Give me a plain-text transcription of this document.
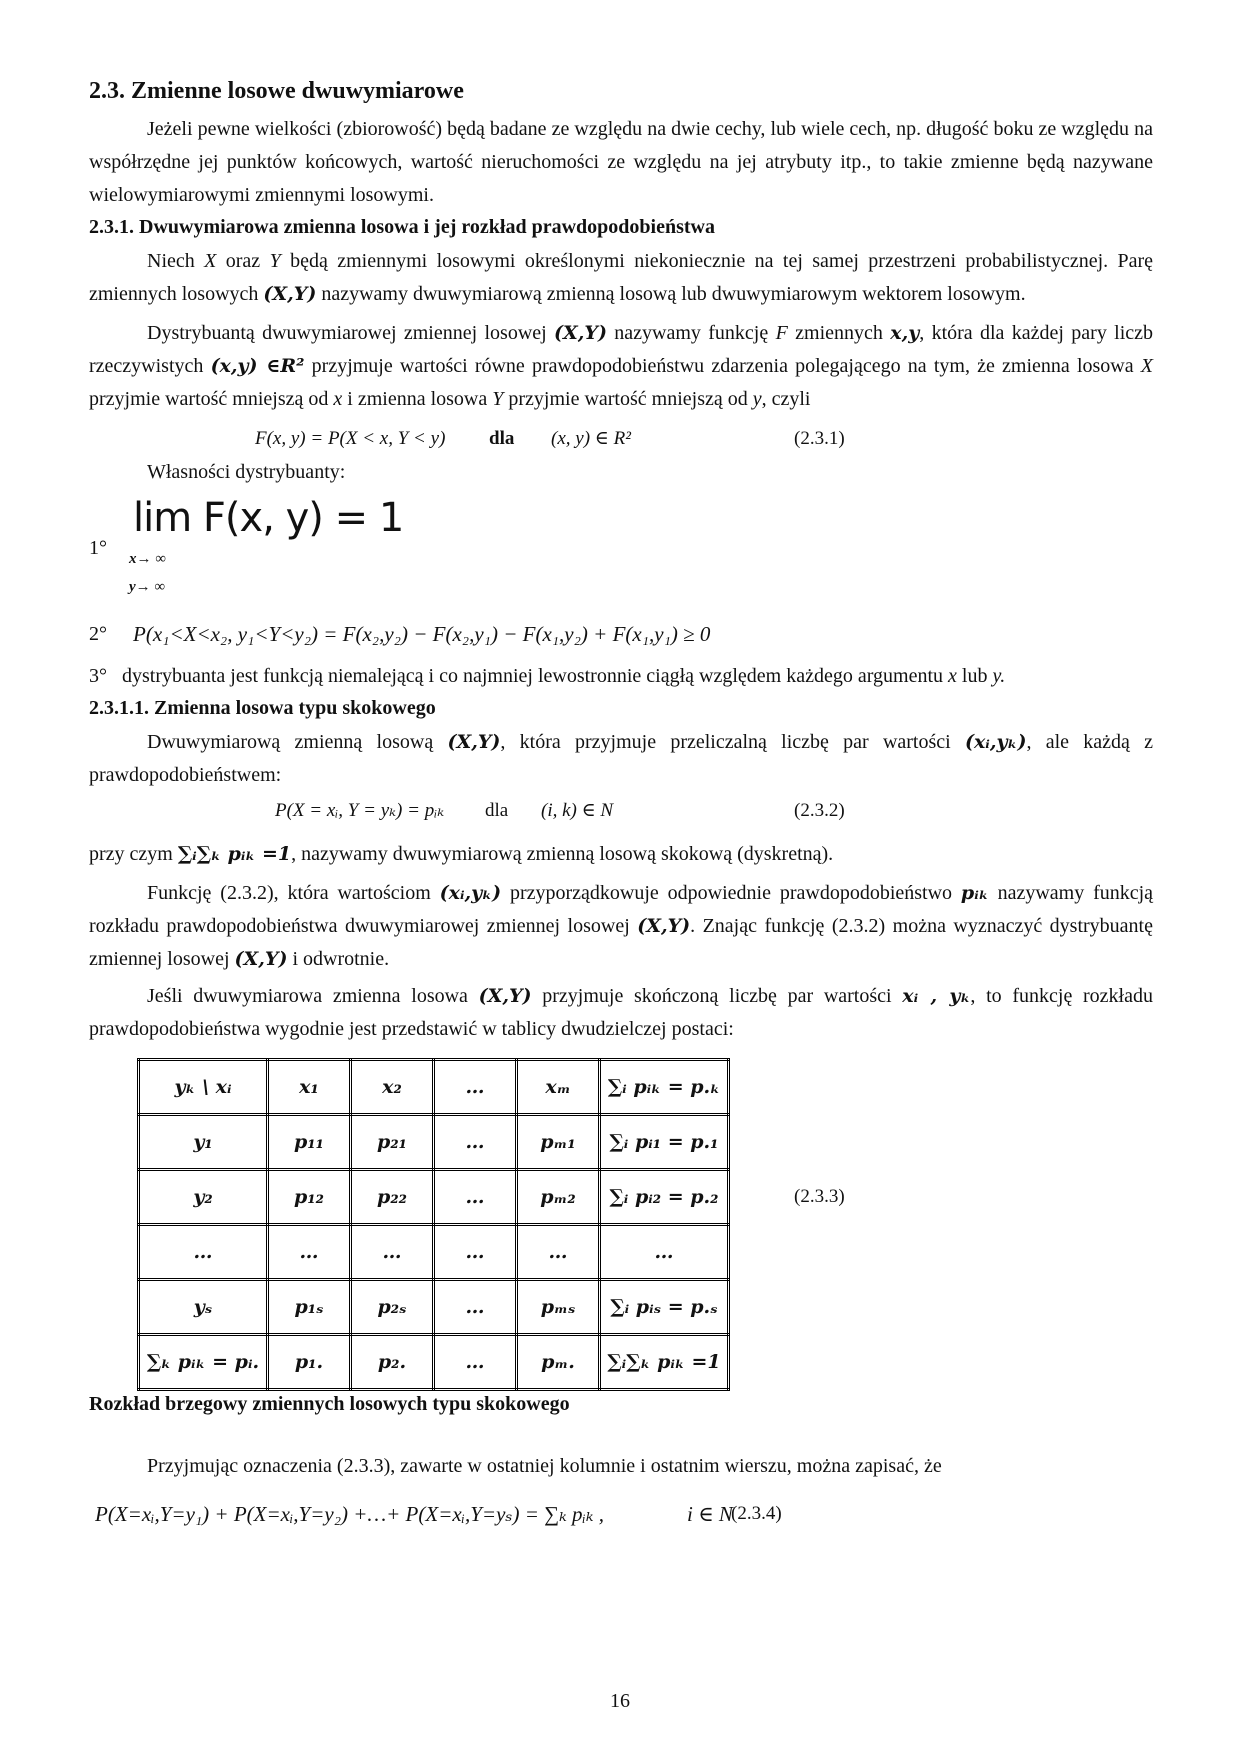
2.3. Zmienne losowe dwuwymiarowe

Jeżeli pewne wielkości (zbiorowość) będą badane ze względu na dwie cechy, lub wiele cech, np. długość boku ze względu na współrzędne jej punktów końcowych, wartość nieruchomości ze względu na jej atrybuty itp., to takie zmienne będą nazywane wielowymiarowymi zmiennymi losowymi.

2.3.1. Dwuwymiarowa zmienna losowa i jej rozkład prawdopodobieństwa

Niech X oraz Y będą zmiennymi losowymi określonymi niekoniecznie na tej samej przestrzeni probabilistycznej. Parę zmiennych losowych (X,Y) nazywamy dwuwymiarową zmienną losową lub dwuwymiarowym wektorem losowym.

Dystrybuantą dwuwymiarowej zmiennej losowej (X,Y) nazywamy funkcję F zmiennych x,y, która dla każdej pary liczb rzeczywistych (x,y) ∈R² przyjmuje wartości równe prawdopodobieństwu zdarzenia polegającego na tym, że zmienna losowa X przyjmie wartość mniejszą od x i zmienna losowa Y przyjmie wartość mniejszą od y, czyli

F(x, y) = P(X < x, Y < y) dla (x, y) ∈ R²	(2.3.1)

Własności dystrybuanty:

1°
lim F(x, y) = 1
x→ ∞
y→ ∞
2° P(x₁<X<x₂, y₁<Y<y₂) = F(x₂,y₂) − F(x₂,y₁) − F(x₁,y₂) + F(x₁,y₁) ≥ 0
3° dystrybuanta jest funkcją niemalejącą i co najmniej lewostronnie ciągłą względem każdego argumentu x lub y.
2.3.1.1. Zmienna losowa typu skokowego

Dwuwymiarową zmienną losową (X,Y), która przyjmuje przeliczalną liczbę par wartości (xᵢ,yₖ), ale każdą z prawdopodobieństwem:

P(X = xᵢ, Y = yₖ) = pᵢₖ dla (i, k) ∈ N	(2.3.2)

przy czym ∑ᵢ∑ₖ pᵢₖ =1, nazywamy dwuwymiarową zmienną losową skokową (dyskretną).

Funkcję (2.3.2), która wartościom (xᵢ,yₖ) przyporządkowuje odpowiednie prawdopodobieństwo pᵢₖ nazywamy funkcją rozkładu prawdopodobieństwa dwuwymiarowej zmiennej losowej (X,Y). Znając funkcję (2.3.2) można wyznaczyć dystrybuantę zmiennej losowej (X,Y) i odwrotnie.

Jeśli dwuwymiarowa zmienna losowa (X,Y) przyjmuje skończoną liczbę par wartości xᵢ , yₖ, to funkcję rozkładu prawdopodobieństwa wygodnie jest przedstawić w tablicy dwudzielczej postaci:

yₖ \ xᵢ	x₁	x₂	…	xₘ	∑ᵢ pᵢₖ = p.ₖ
y₁	p₁₁	p₂₁	…	pₘ₁	∑ᵢ pᵢ₁ = p.₁
y₂	p₁₂	p₂₂	…	pₘ₂	∑ᵢ pᵢ₂ = p.₂
…	…	…	…	…	…
yₛ	p₁ₛ	p₂ₛ	…	pₘₛ	∑ᵢ pᵢₛ = p.ₛ
∑ₖ pᵢₖ = pᵢ.	p₁.	p₂.	…	pₘ.	∑ᵢ∑ₖ pᵢₖ =1
(2.3.3)
Rozkład brzegowy zmiennych losowych typu skokowego

Przyjmując oznaczenia (2.3.3), zawarte w ostatniej kolumnie i ostatnim wierszu, można zapisać, że

P(X=xᵢ,Y=y₁) + P(X=xᵢ,Y=y₂) +…+ P(X=xᵢ,Y=yₛ) = ∑ₖ pᵢₖ ,	i ∈ N
(2.3.4)
16
